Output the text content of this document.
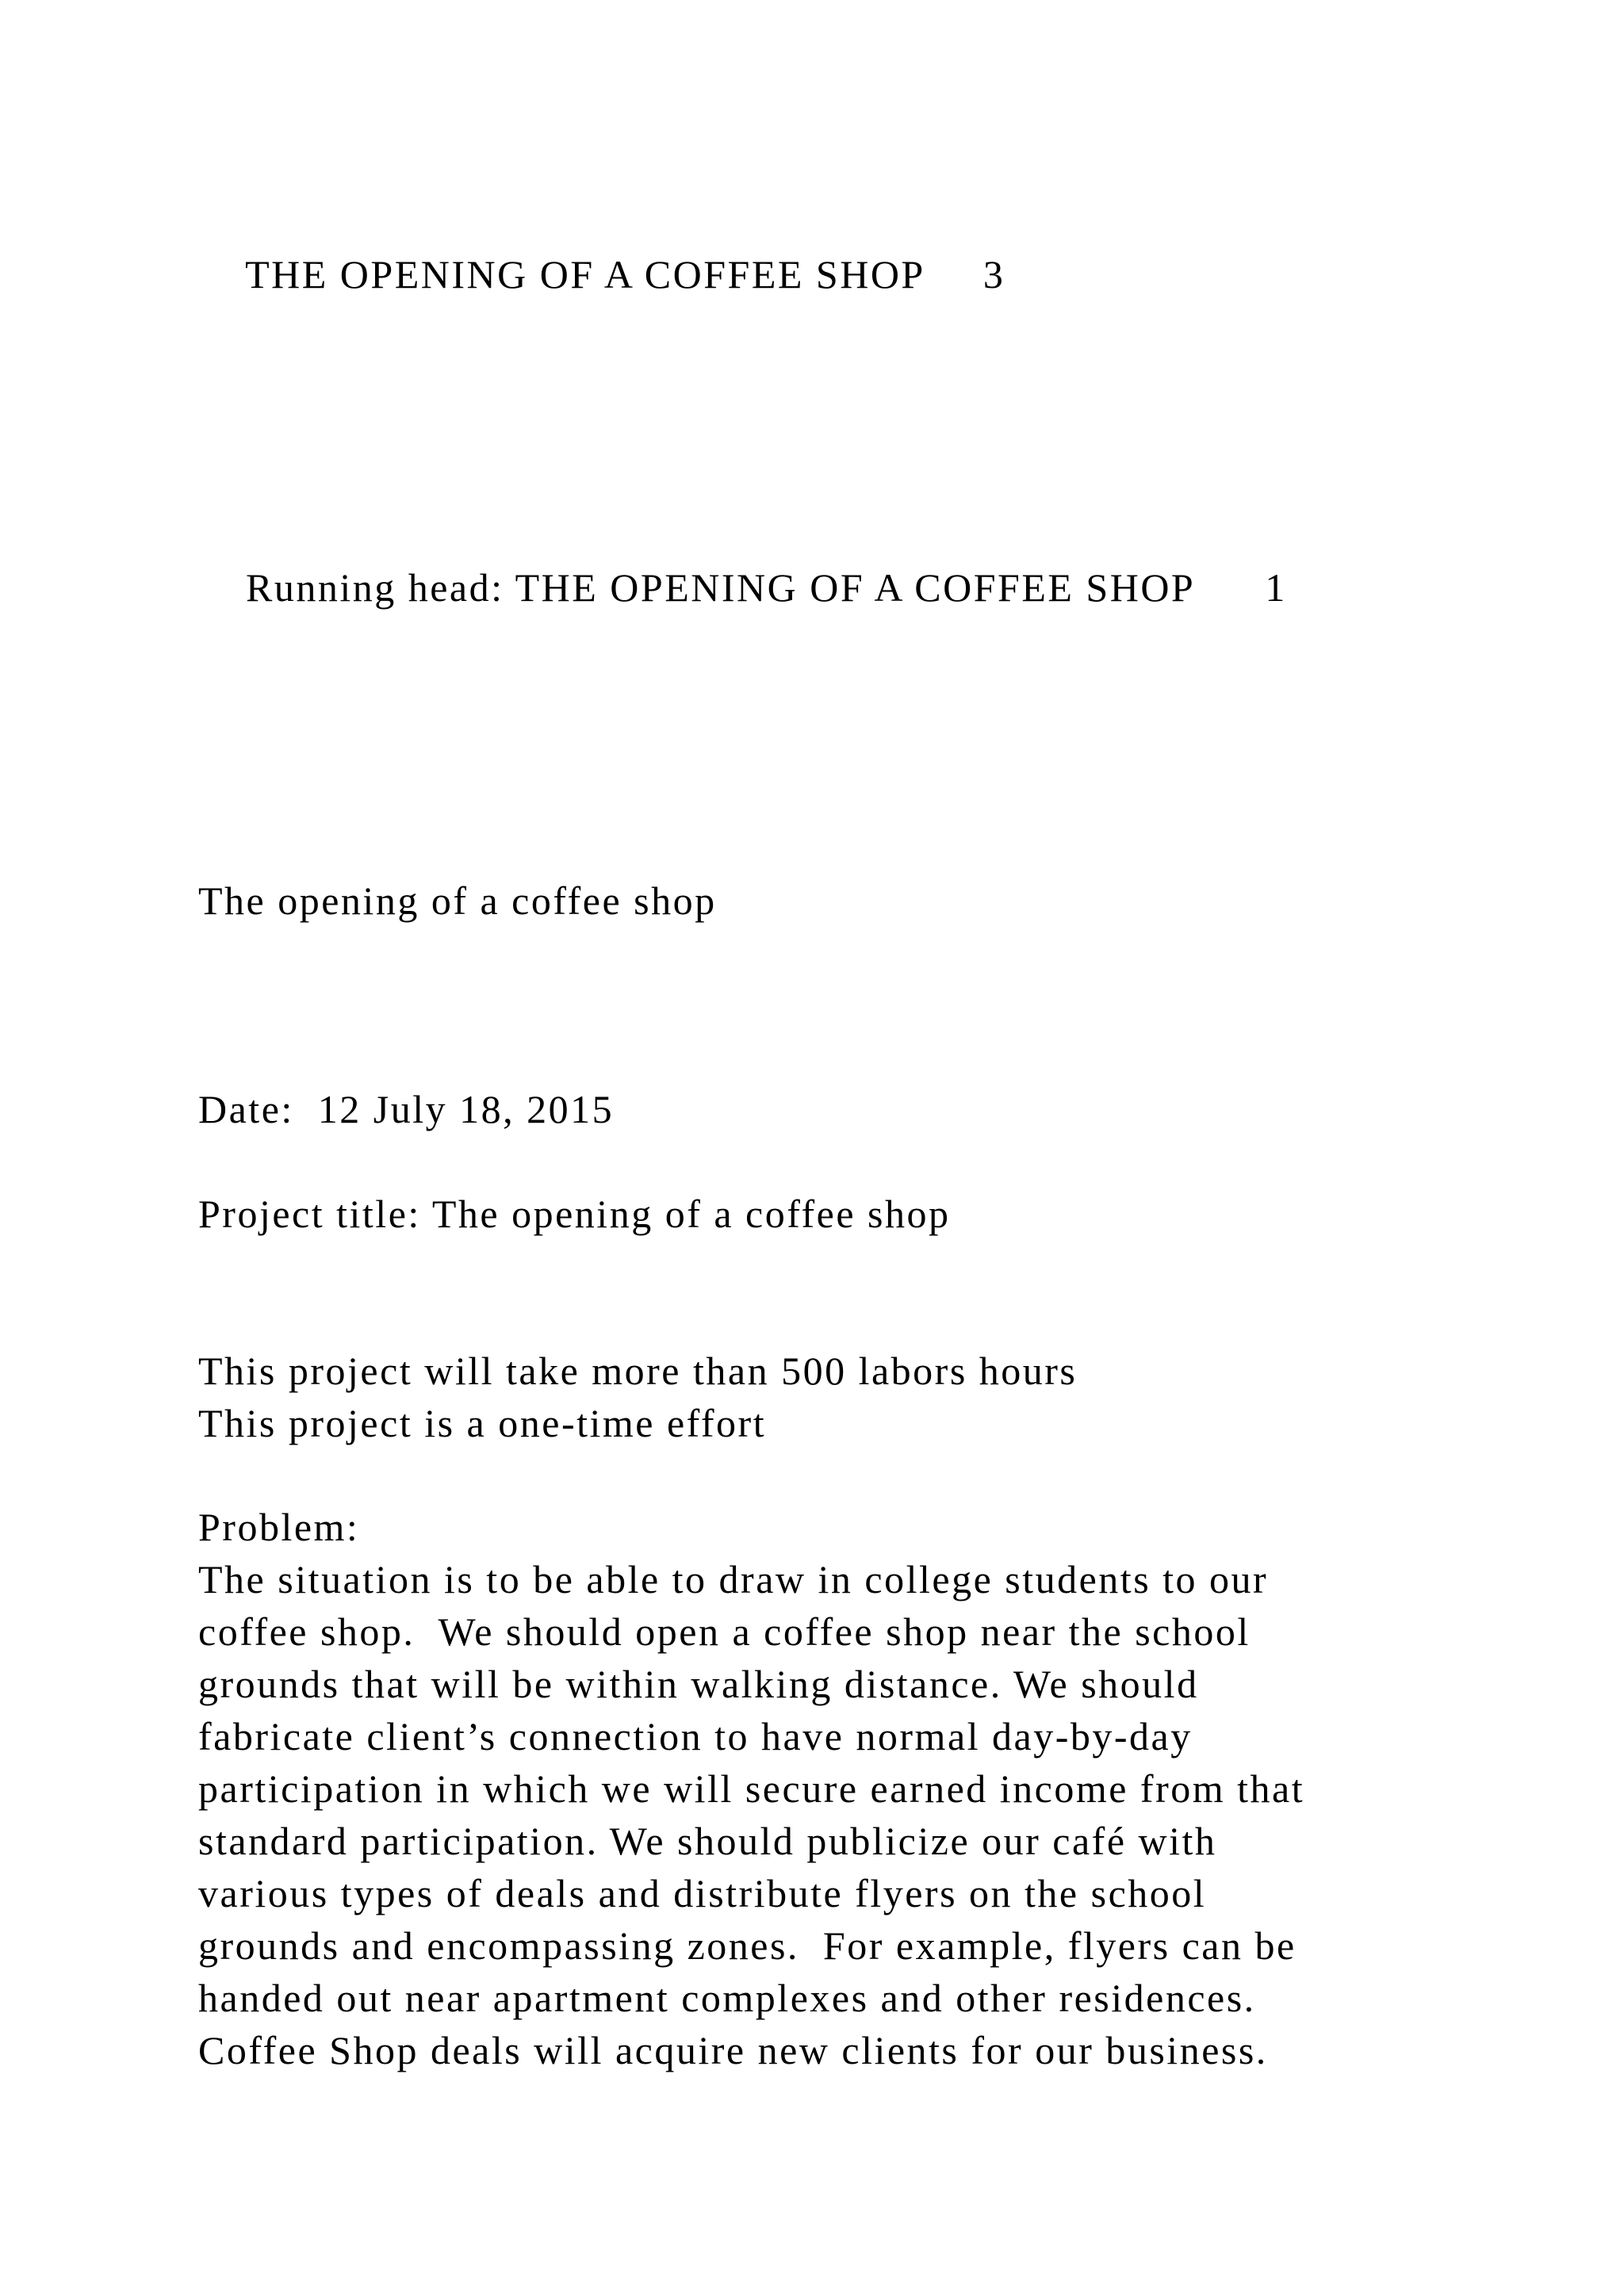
THE OPENING OF A COFFEE SHOP 3

Running head: THE OPENING OF A COFFEE SHOP 1

The opening of a coffee shop
Date:  12 July 18, 2015
Project title: The opening of a coffee shop
This project will take more than 500 labors hours
This project is a one-time effort
Problem:
The situation is to be able to draw in college students to our
coffee shop.  We should open a coffee shop near the school
grounds that will be within walking distance. We should
fabricate client’s connection to have normal day-by-day
participation in which we will secure earned income from that
standard participation. We should publicize our café with
various types of deals and distribute flyers on the school
grounds and encompassing zones.  For example, flyers can be
handed out near apartment complexes and other residences.
Coffee Shop deals will acquire new clients for our business.
